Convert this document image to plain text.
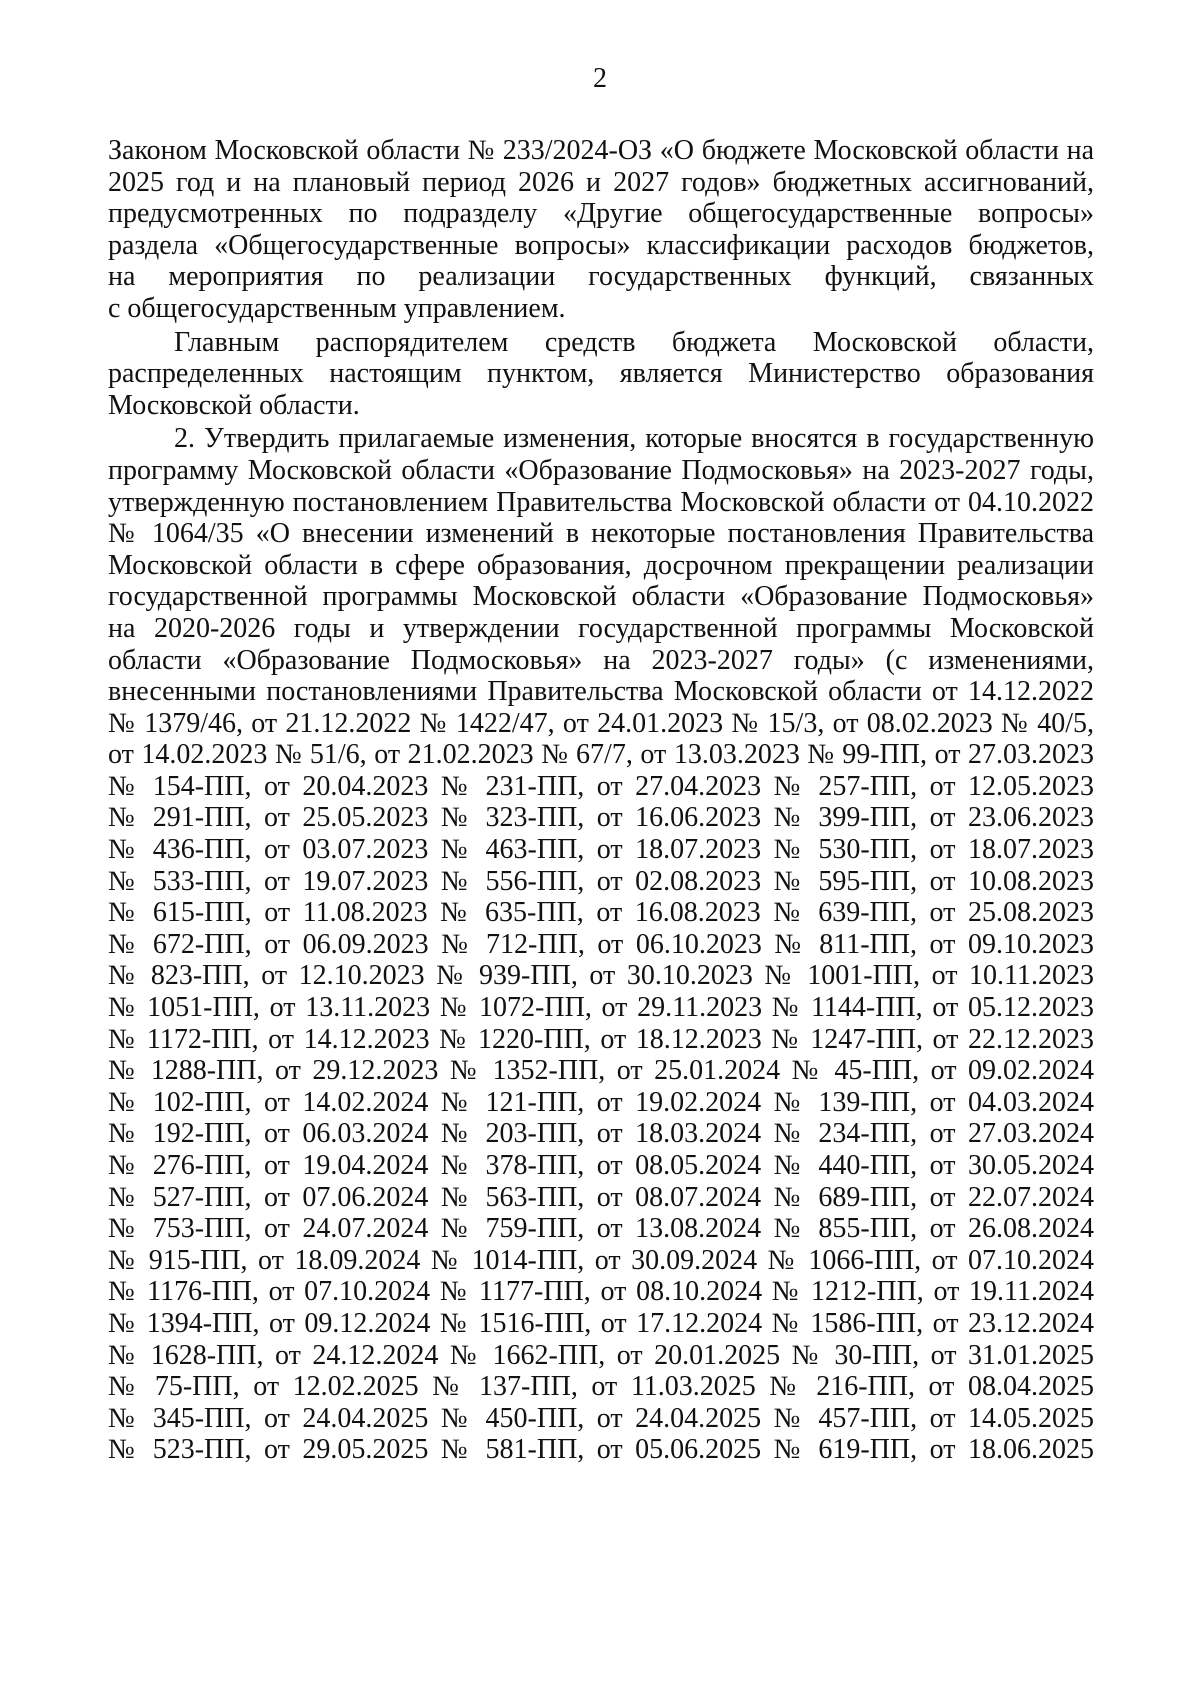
2
Законом Московской области № 233/2024-ОЗ «О бюджете Московской области на
2025 год и на плановый период 2026 и 2027 годов» бюджетных ассигнований,
предусмотренных по подразделу «Другие общегосударственные вопросы»
раздела «Общегосударственные вопросы» классификации расходов бюджетов,
на мероприятия по реализации государственных функций, связанных
с общегосударственным управлением.
Главным распорядителем средств бюджета Московской области,
распределенных настоящим пунктом, является Министерство образования
Московской области.
2. Утвердить прилагаемые изменения, которые вносятся в государственную
программу Московской области «Образование Подмосковья» на 2023-2027 годы,
утвержденную постановлением Правительства Московской области от 04.10.2022
№ 1064/35 «О внесении изменений в некоторые постановления Правительства
Московской области в сфере образования, досрочном прекращении реализации
государственной программы Московской области «Образование Подмосковья»
на 2020-2026 годы и утверждении государственной программы Московской
области «Образование Подмосковья» на 2023-2027 годы» (с изменениями,
внесенными постановлениями Правительства Московской области от 14.12.2022
№ 1379/46, от 21.12.2022 № 1422/47, от 24.01.2023 № 15/3, от 08.02.2023 № 40/5,
от 14.02.2023 № 51/6, от 21.02.2023 № 67/7, от 13.03.2023 № 99-ПП, от 27.03.2023
№ 154-ПП, от 20.04.2023 № 231-ПП, от 27.04.2023 № 257-ПП, от 12.05.2023
№ 291-ПП, от 25.05.2023 № 323-ПП, от 16.06.2023 № 399-ПП, от 23.06.2023
№ 436-ПП, от 03.07.2023 № 463-ПП, от 18.07.2023 № 530-ПП, от 18.07.2023
№ 533-ПП, от 19.07.2023 № 556-ПП, от 02.08.2023 № 595-ПП, от 10.08.2023
№ 615-ПП, от 11.08.2023 № 635-ПП, от 16.08.2023 № 639-ПП, от 25.08.2023
№ 672-ПП, от 06.09.2023 № 712-ПП, от 06.10.2023 № 811-ПП, от 09.10.2023
№ 823-ПП, от 12.10.2023 № 939-ПП, от 30.10.2023 № 1001-ПП, от 10.11.2023
№ 1051-ПП, от 13.11.2023 № 1072-ПП, от 29.11.2023 № 1144-ПП, от 05.12.2023
№ 1172-ПП, от 14.12.2023 № 1220-ПП, от 18.12.2023 № 1247-ПП, от 22.12.2023
№ 1288-ПП, от 29.12.2023 № 1352-ПП, от 25.01.2024 № 45-ПП, от 09.02.2024
№ 102-ПП, от 14.02.2024 № 121-ПП, от 19.02.2024 № 139-ПП, от 04.03.2024
№ 192-ПП, от 06.03.2024 № 203-ПП, от 18.03.2024 № 234-ПП, от 27.03.2024
№ 276-ПП, от 19.04.2024 № 378-ПП, от 08.05.2024 № 440-ПП, от 30.05.2024
№ 527-ПП, от 07.06.2024 № 563-ПП, от 08.07.2024 № 689-ПП, от 22.07.2024
№ 753-ПП, от 24.07.2024 № 759-ПП, от 13.08.2024 № 855-ПП, от 26.08.2024
№ 915-ПП, от 18.09.2024 № 1014-ПП, от 30.09.2024 № 1066-ПП, от 07.10.2024
№ 1176-ПП, от 07.10.2024 № 1177-ПП, от 08.10.2024 № 1212-ПП, от 19.11.2024
№ 1394-ПП, от 09.12.2024 № 1516-ПП, от 17.12.2024 № 1586-ПП, от 23.12.2024
№ 1628-ПП, от 24.12.2024 № 1662-ПП, от 20.01.2025 № 30-ПП, от 31.01.2025
№ 75-ПП, от 12.02.2025 № 137-ПП, от 11.03.2025 № 216-ПП, от 08.04.2025
№ 345-ПП, от 24.04.2025 № 450-ПП, от 24.04.2025 № 457-ПП, от 14.05.2025
№ 523-ПП, от 29.05.2025 № 581-ПП, от 05.06.2025 № 619-ПП, от 18.06.2025
